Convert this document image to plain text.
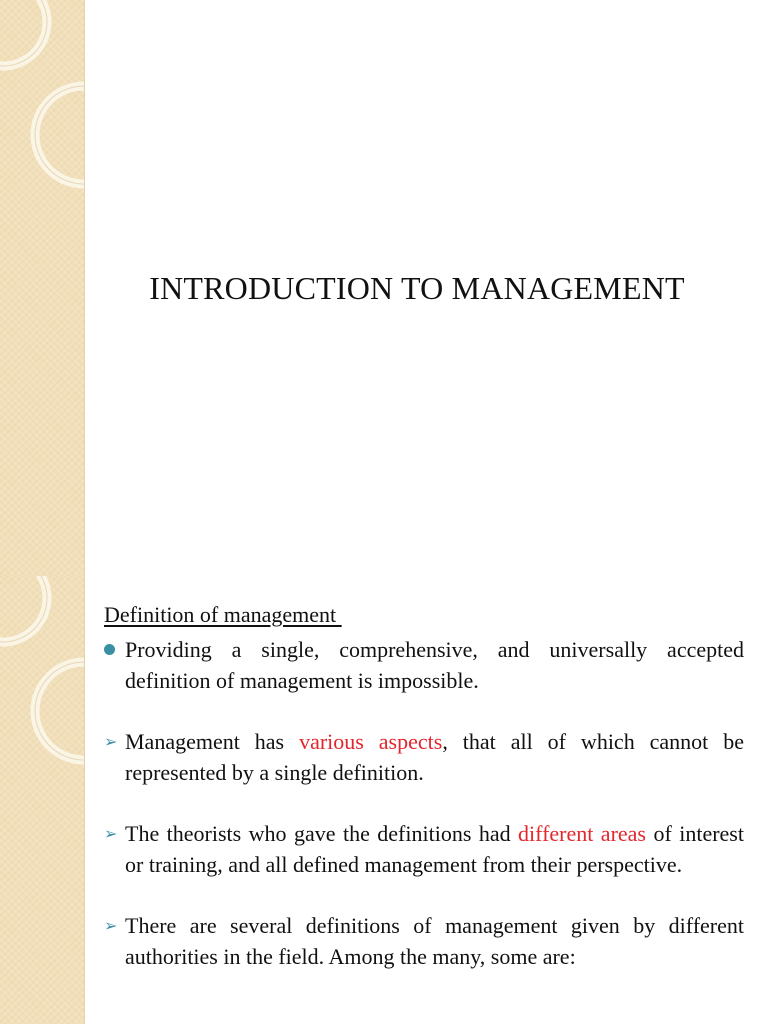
INTRODUCTION TO MANAGEMENT
Definition of management
Providing a single, comprehensive, and universally accepted definition of management is impossible.
➢ Management has various aspects, that all of which cannot be represented by a single definition.
➢ The theorists who gave the definitions had different areas of interest or training, and all defined management from their perspective.
➢ There are several definitions of management given by different authorities in the field. Among the many, some are:
